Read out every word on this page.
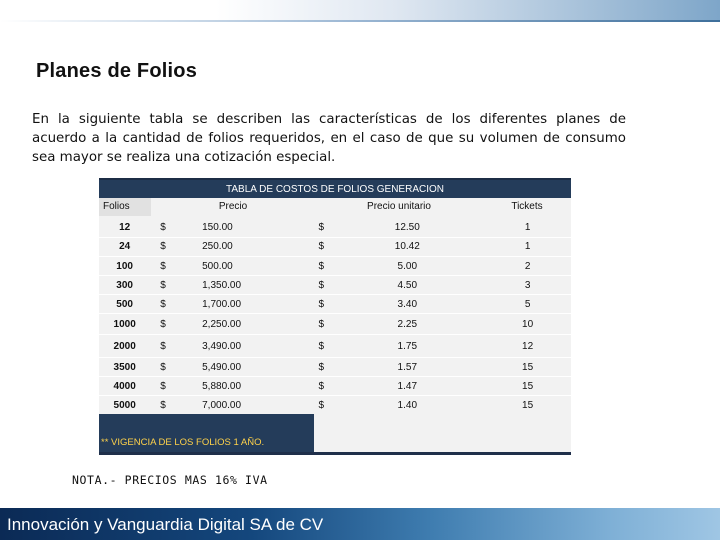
Planes de Folios
En la siguiente tabla se describen las características de los diferentes planes de acuerdo a la cantidad de folios requeridos, en el caso de que su volumen de consumo sea mayor se realiza una cotización especial.
TABLA DE COSTOS DE FOLIOS GENERACION
Folios	Precio	Precio unitario	Tickets
12	$	150.00	$	12.50	1
24	$	250.00	$	10.42	1
100	$	500.00	$	5.00	2
300	$	1,350.00	$	4.50	3
500	$	1,700.00	$	3.40	5
1000	$	2,250.00	$	2.25	10
2000	$	3,490.00	$	1.75	12
3500	$	5,490.00	$	1.57	15
4000	$	5,880.00	$	1.47	15
5000	$	7,000.00	$	1.40	15
** VIGENCIA DE LOS FOLIOS 1 AÑO.
NOTA.- PRECIOS MAS 16% IVA
Innovación y Vanguardia Digital SA de CV
